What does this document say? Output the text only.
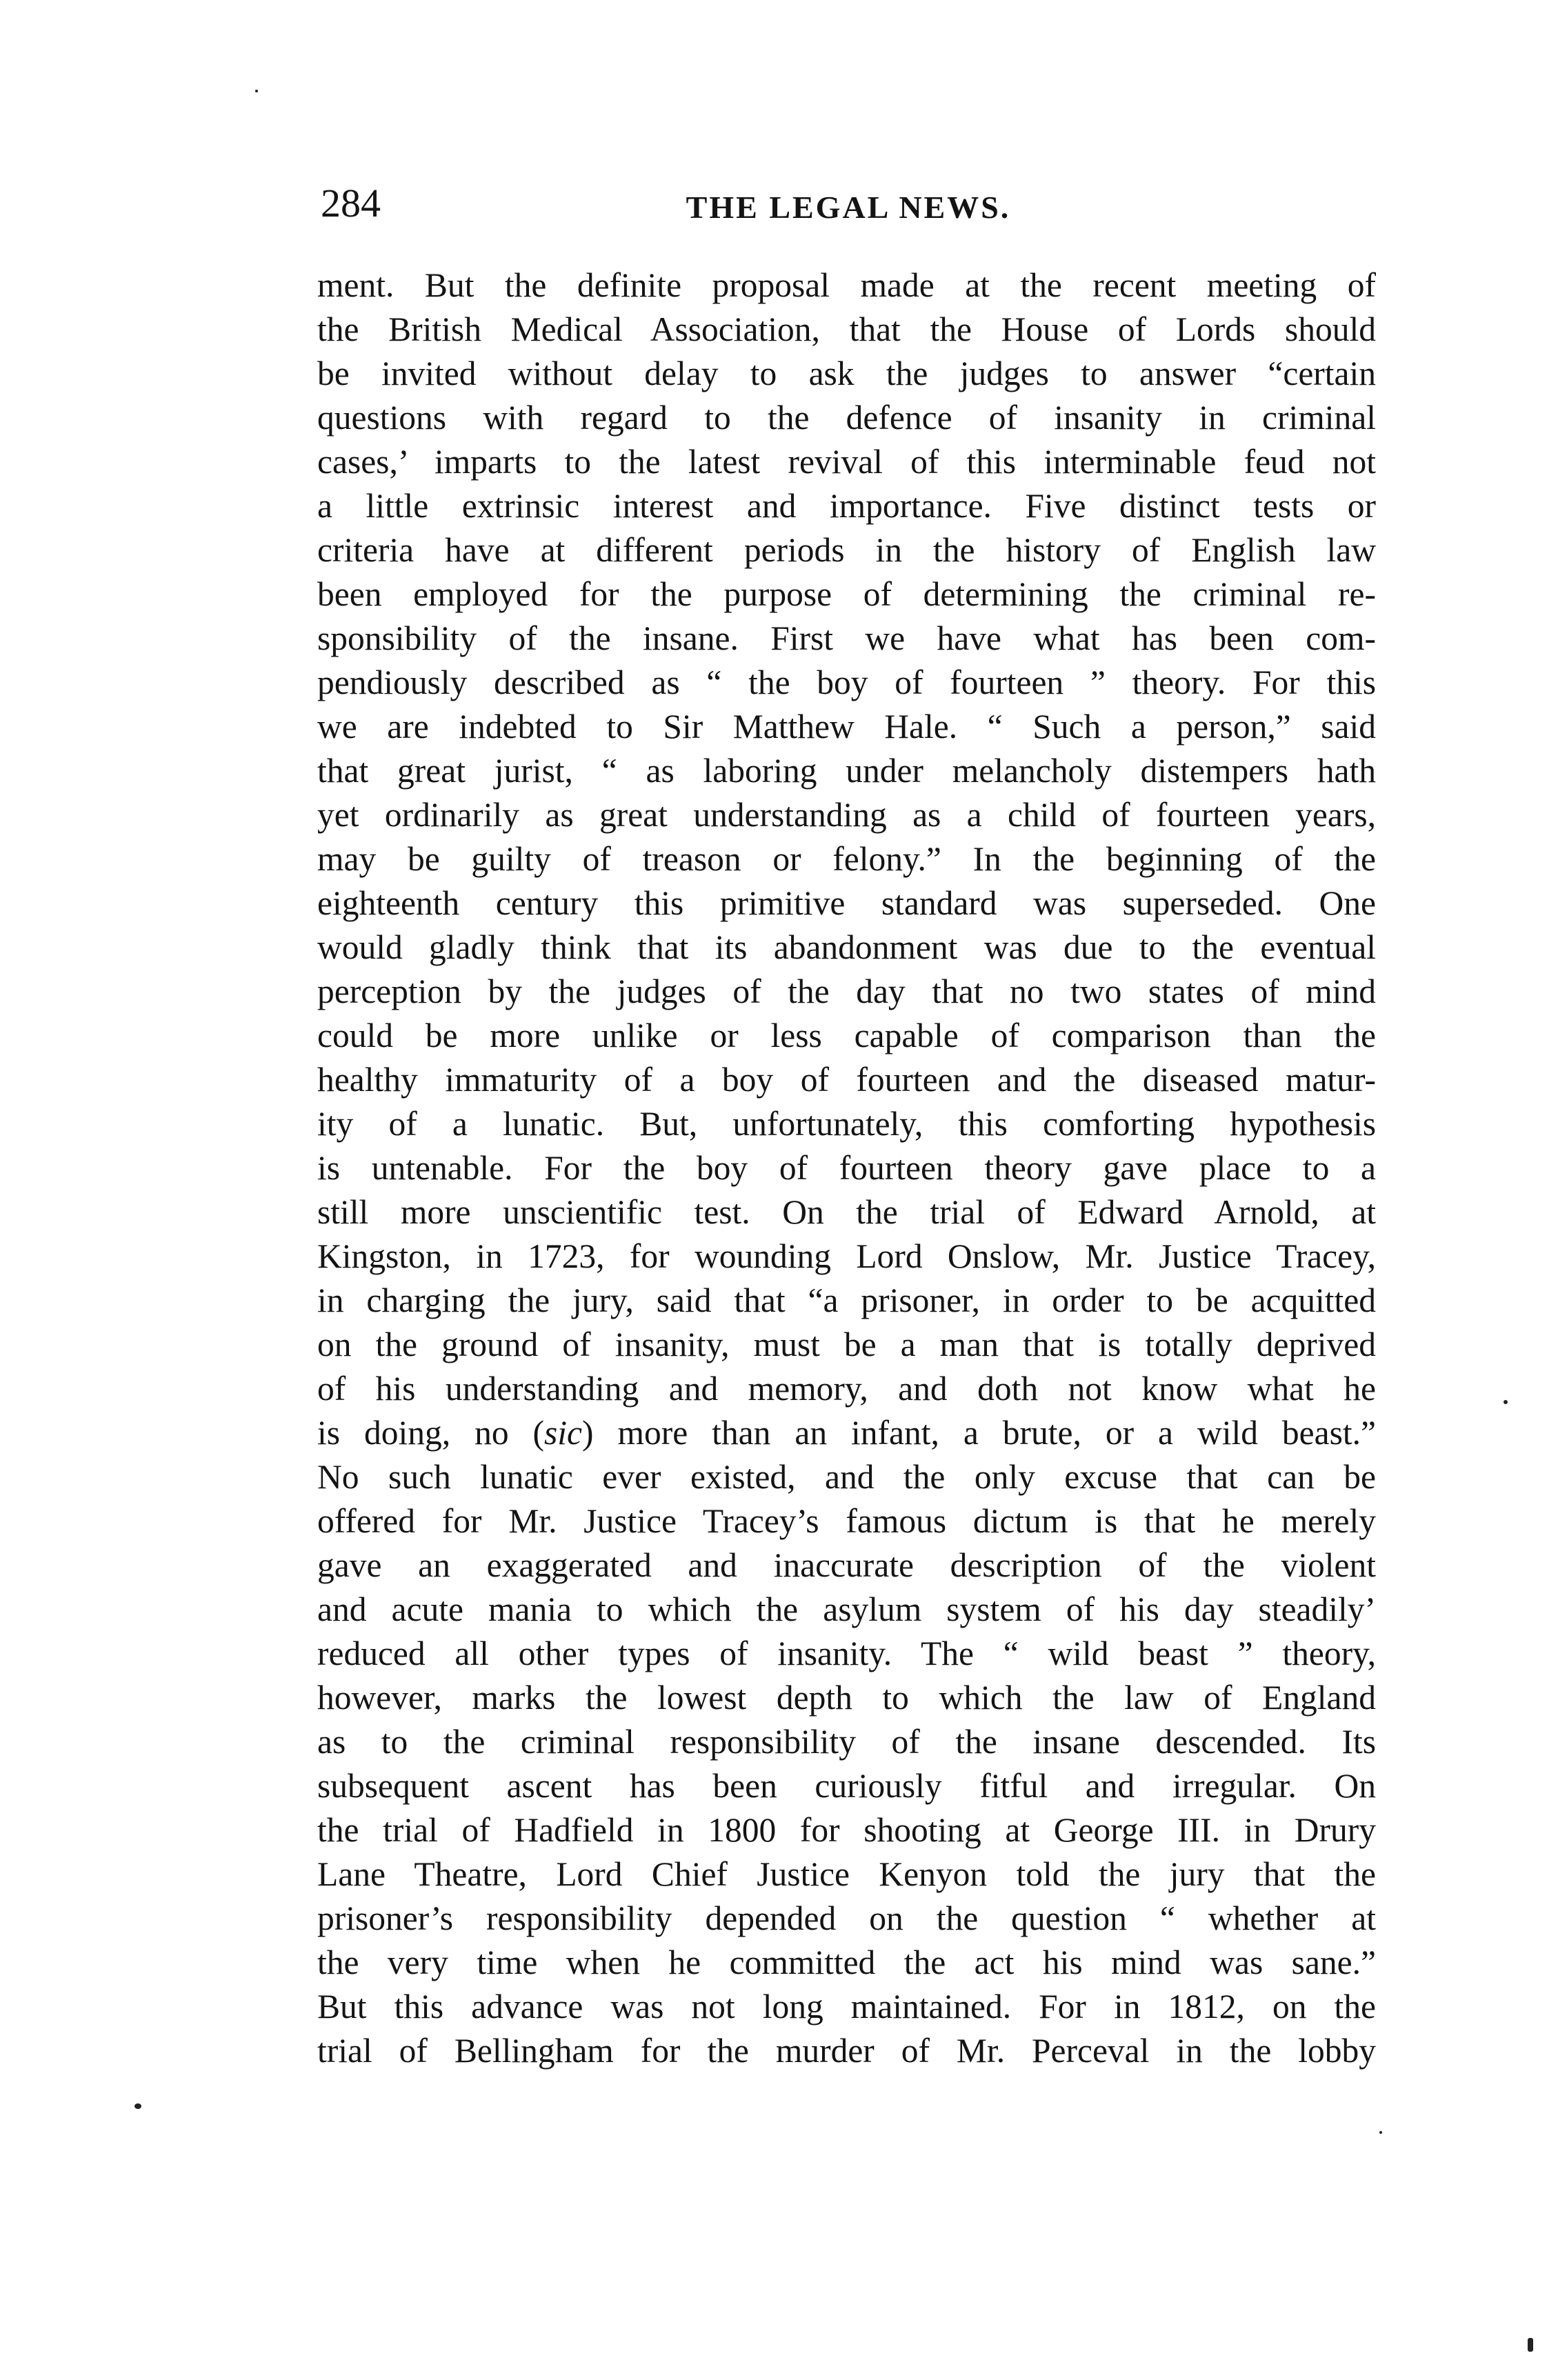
284	THE LEGAL NEWS.
ment. But the definite proposal made at the recent meeting of
the British Medical Association, that the House of Lords should
be invited without delay to ask the judges to answer “certain
questions with regard to the defence of insanity in criminal
cases,’ imparts to the latest revival of this interminable feud not
a little extrinsic interest and importance. Five distinct tests or
criteria have at different periods in the history of English law
been employed for the purpose of determining the criminal re-
sponsibility of the insane. First we have what has been com-
pendiously described as “ the boy of fourteen ” theory. For this
we are indebted to Sir Matthew Hale. “ Such a person,” said
that great jurist, “ as laboring under melancholy distempers hath
yet ordinarily as great understanding as a child of fourteen years,
may be guilty of treason or felony.” In the beginning of the
eighteenth century this primitive standard was superseded. One
would gladly think that its abandonment was due to the eventual
perception by the judges of the day that no two states of mind
could be more unlike or less capable of comparison than the
healthy immaturity of a boy of fourteen and the diseased matur-
ity of a lunatic. But, unfortunately, this comforting hypothesis
is untenable. For the boy of fourteen theory gave place to a
still more unscientific test. On the trial of Edward Arnold, at
Kingston, in 1723, for wounding Lord Onslow, Mr. Justice Tracey,
in charging the jury, said that “a prisoner, in order to be acquitted
on the ground of insanity, must be a man that is totally deprived
of his understanding and memory, and doth not know what he
is doing, no (sic) more than an infant, a brute, or a wild beast.”
No such lunatic ever existed, and the only excuse that can be
offered for Mr. Justice Tracey’s famous dictum is that he merely
gave an exaggerated and inaccurate description of the violent
and acute mania to which the asylum system of his day steadily’
reduced all other types of insanity. The “ wild beast ” theory,
however, marks the lowest depth to which the law of England
as to the criminal responsibility of the insane descended. Its
subsequent ascent has been curiously fitful and irregular. On
the trial of Hadfield in 1800 for shooting at George III. in Drury
Lane Theatre, Lord Chief Justice Kenyon told the jury that the
prisoner’s responsibility depended on the question “ whether at
the very time when he committed the act his mind was sane.”
But this advance was not long maintained. For in 1812, on the
trial of Bellingham for the murder of Mr. Perceval in the lobby
